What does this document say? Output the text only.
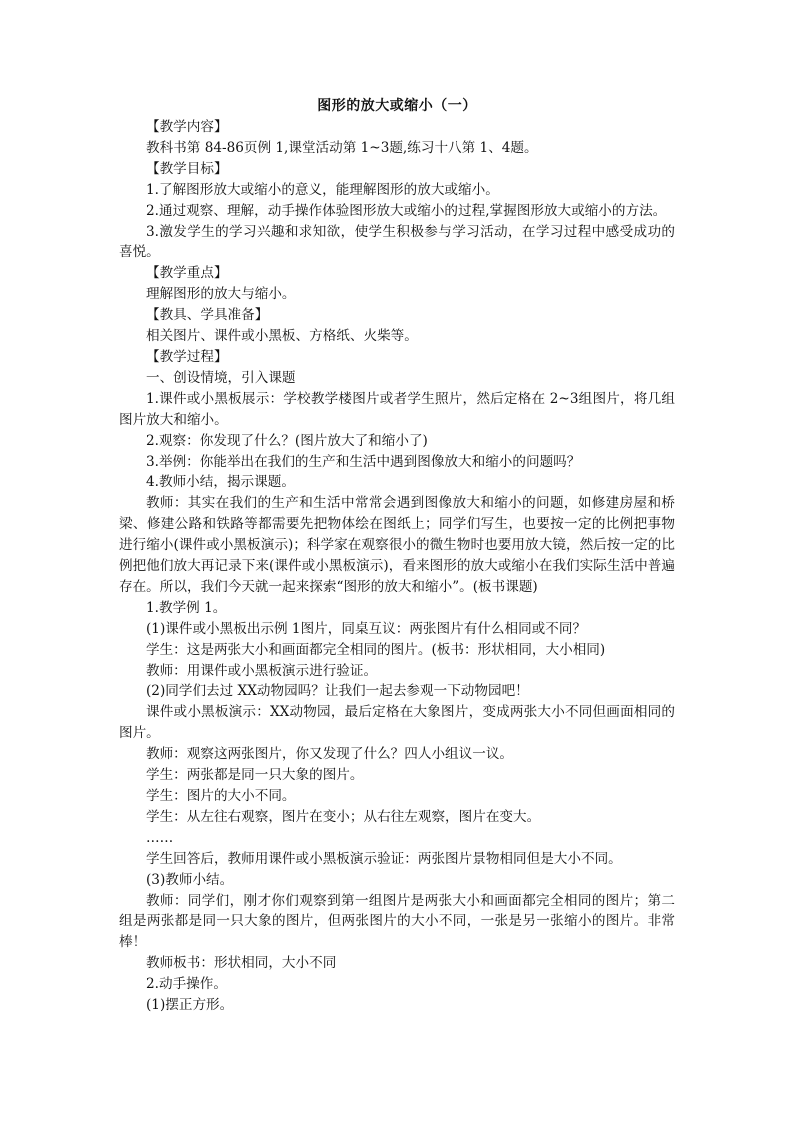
图形的放大或缩小（一）

【教学内容】

教科书第 84-86页例 1,课堂活动第 1~3题,练习十八第 1、4题。

【教学目标】

1.了解图形放大或缩小的意义，能理解图形的放大或缩小。

2.通过观察、理解，动手操作体验图形放大或缩小的过程,掌握图形放大或缩小的方法。

3.激发学生的学习兴趣和求知欲，使学生积极参与学习活动，在学习过程中感受成功的喜悦。

【教学重点】

理解图形的放大与缩小。

【教具、学具准备】

相关图片、课件或小黑板、方格纸、火柴等。

【教学过程】

一、创设情境，引入课题

1.课件或小黑板展示：学校教学楼图片或者学生照片，然后定格在 2~3组图片，将几组图片放大和缩小。

2.观察：你发现了什么？(图片放大了和缩小了)

3.举例：你能举出在我们的生产和生活中遇到图像放大和缩小的问题吗？

4.教师小结，揭示课题。

教师：其实在我们的生产和生活中常常会遇到图像放大和缩小的问题，如修建房屋和桥梁、修建公路和铁路等都需要先把物体绘在图纸上；同学们写生，也要按一定的比例把事物进行缩小(课件或小黑板演示)；科学家在观察很小的微生物时也要用放大镜，然后按一定的比例把他们放大再记录下来(课件或小黑板演示)，看来图形的放大或缩小在我们实际生活中普遍存在。所以，我们今天就一起来探索“图形的放大和缩小”。(板书课题)

1.教学例 1。

(1)课件或小黑板出示例 1图片，同桌互议：两张图片有什么相同或不同？

学生：这是两张大小和画面都完全相同的图片。(板书：形状相同，大小相同)

教师：用课件或小黑板演示进行验证。

(2)同学们去过 XX动物园吗？让我们一起去参观一下动物园吧！

课件或小黑板演示：XX动物园，最后定格在大象图片，变成两张大小不同但画面相同的图片。

教师：观察这两张图片，你又发现了什么？四人小组议一议。

学生：两张都是同一只大象的图片。

学生：图片的大小不同。

学生：从左往右观察，图片在变小；从右往左观察，图片在变大。

……

学生回答后，教师用课件或小黑板演示验证：两张图片景物相同但是大小不同。

(3)教师小结。

教师：同学们，刚才你们观察到第一组图片是两张大小和画面都完全相同的图片；第二组是两张都是同一只大象的图片，但两张图片的大小不同，一张是另一张缩小的图片。非常棒！

教师板书：形状相同，大小不同

2.动手操作。

(1)摆正方形。
